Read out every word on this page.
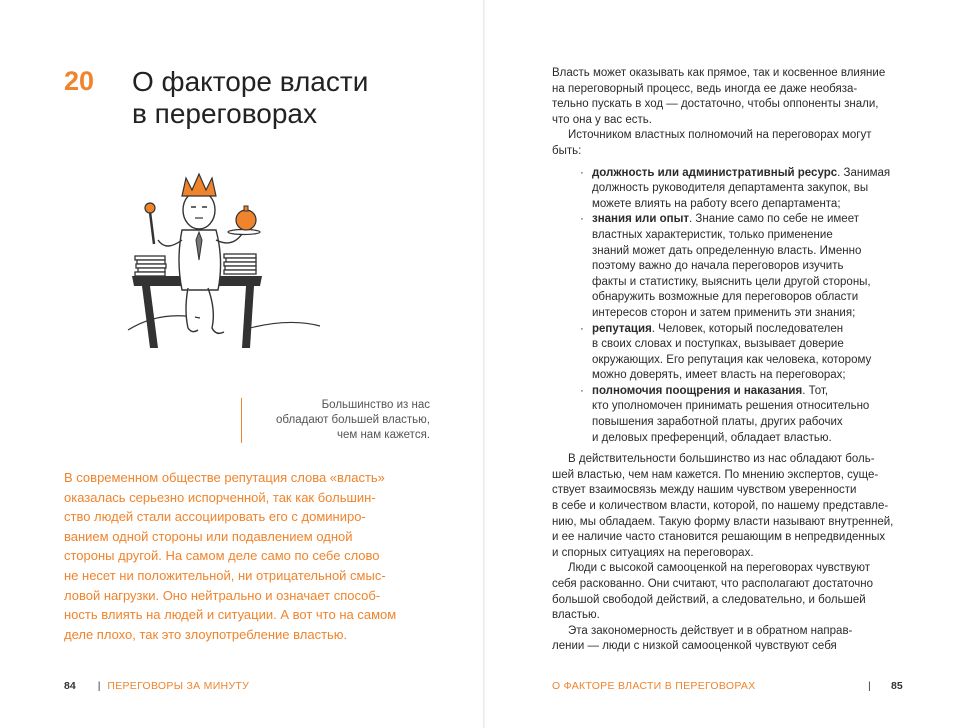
20 О факторе власти
в переговорах
Большинство из нас
обладают большей властью,
чем нам кажется.
В современном обществе репутация слова «власть»
оказалась серьезно испорченной, так как большин-
ство людей стали ассоциировать его с доминиро-
ванием одной стороны или подавлением одной
стороны другой. На самом деле само по себе слово
не несет ни положительной, ни отрицательной смыс-
ловой нагрузки. Оно нейтрально и означает способ-
ность влиять на людей и ситуации. А вот что на самом
деле плохо, так это злоупотребление властью.
84 | ПЕРЕГОВОРЫ ЗА МИНУТУ
Власть может оказывать как прямое, так и косвенное влияние
на переговорный процесс, ведь иногда ее даже необязa-
тельно пускать в ход — достаточно, чтобы оппоненты знали,
что она у вас есть.
Источником властных полномочий на переговорах могут
быть:
· должность или административный ресурс. Занимая
должность руководителя департамента закупок, вы
можете влиять на работу всего департамента;
· знания или опыт. Знание само по себе не имеет
властных характеристик, только применение
знаний может дать определенную власть. Именно
поэтому важно до начала переговоров изучить
факты и статистику, выяснить цели другой стороны,
обнаружить возможные для переговоров области
интересов сторон и затем применить эти знания;
· репутация. Человек, который последователен
в своих словах и поступках, вызывает доверие
окружающих. Его репутация как человека, которому
можно доверять, имеет власть на переговорах;
· полномочия поощрения и наказания. Тот,
кто уполномочен принимать решения относительно
повышения заработной платы, других рабочих
и деловых преференций, обладает властью.
В действительности большинство из нас обладают боль-
шей властью, чем нам кажется. По мнению экспертов, суще-
ствует взаимосвязь между нашим чувством уверенности
в себе и количеством власти, которой, по нашему представле-
нию, мы обладаем. Такую форму власти называют внутренней,
и ее наличие часто становится решающим в непредвиденных
и спорных ситуациях на переговорах.
Люди с высокой самооценкой на переговорах чувствуют
себя раскованно. Они считают, что располагают достаточно
большой свободой действий, а следовательно, и большей
властью.
Эта закономерность действует и в обратном направ-
лении — люди с низкой самооценкой чувствуют себя
О ФАКТОРЕ ВЛАСТИ В ПЕРЕГОВОРАХ	| 85
